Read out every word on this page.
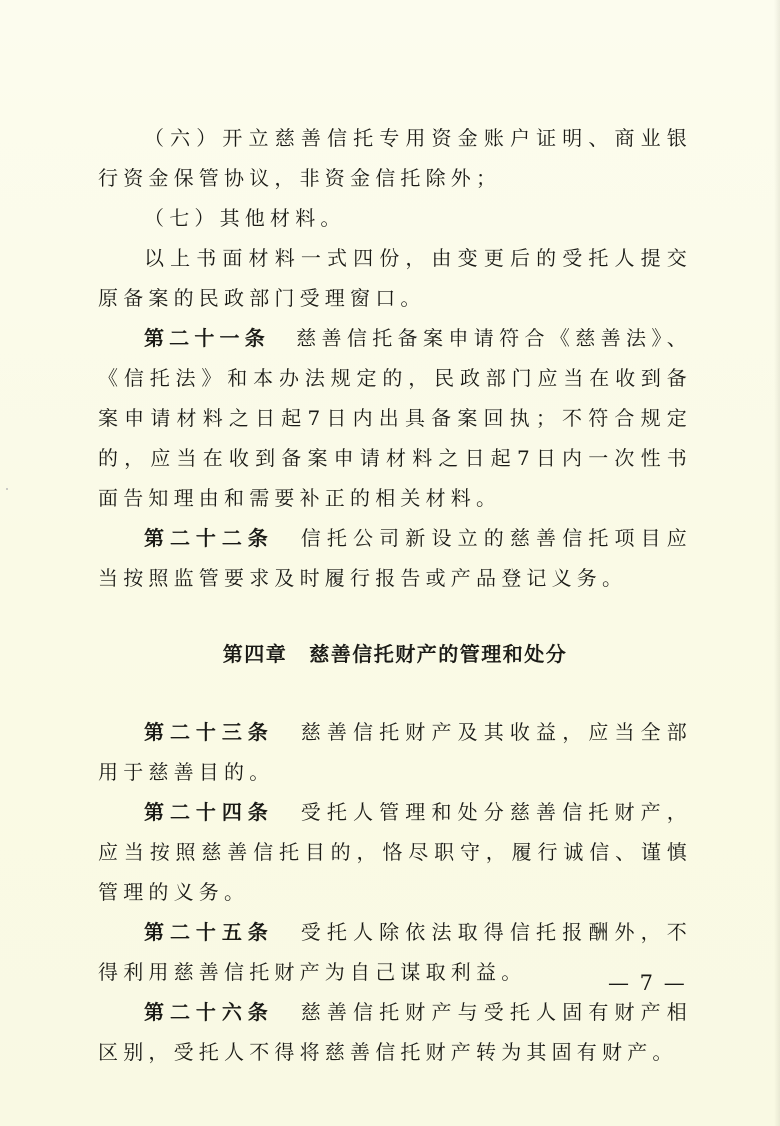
（六）开立慈善信托专用资金账户证明、商业银行资金保管协议，非资金信托除外；

（七）其他材料。

以上书面材料一式四份，由变更后的受托人提交原备案的民政部门受理窗口。

第二十一条 慈善信托备案申请符合《慈善法》、《信托法》和本办法规定的，民政部门应当在收到备案申请材料之日起7日内出具备案回执；不符合规定的，应当在收到备案申请材料之日起7日内一次性书面告知理由和需要补正的相关材料。

第二十二条 信托公司新设立的慈善信托项目应当按照监管要求及时履行报告或产品登记义务。

第四章 慈善信托财产的管理和处分

第二十三条 慈善信托财产及其收益，应当全部用于慈善目的。

第二十四条 受托人管理和处分慈善信托财产，应当按照慈善信托目的，恪尽职守，履行诚信、谨慎管理的义务。

第二十五条 受托人除依法取得信托报酬外，不得利用慈善信托财产为自己谋取利益。

第二十六条 慈善信托财产与受托人固有财产相区别，受托人不得将慈善信托财产转为其固有财产。

— 7 —
